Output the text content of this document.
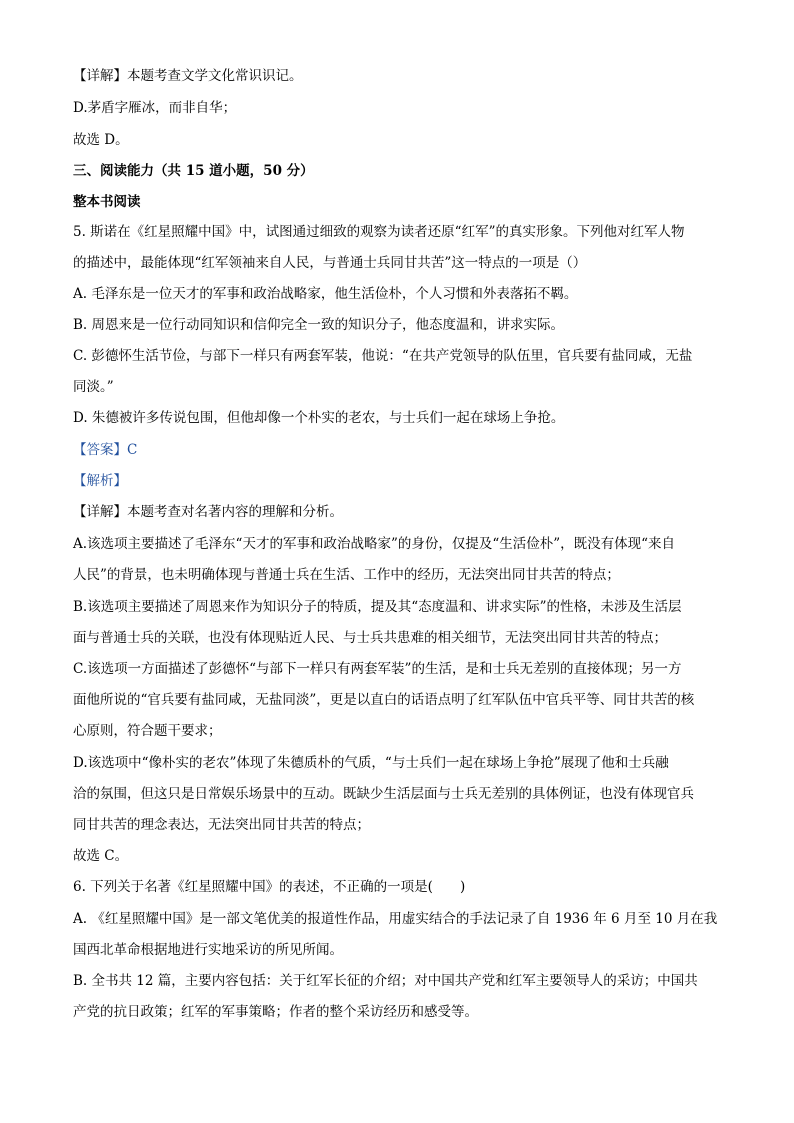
【详解】本题考查文学文化常识识记。
D.茅盾字雁冰，而非自华；
故选 D。
三、阅读能力（共 15 道小题，50 分）
整本书阅读
5. 斯诺在《红星照耀中国》中，试图通过细致的观察为读者还原“红军”的真实形象。下列他对红军人物
的描述中，最能体现“红军领袖来自人民，与普通士兵同甘共苦”这一特点的一项是（）
A. 毛泽东是一位天才的军事和政治战略家，他生活俭朴，个人习惯和外表落拓不羁。
B. 周恩来是一位行动同知识和信仰完全一致的知识分子，他态度温和，讲求实际。
C. 彭德怀生活节俭，与部下一样只有两套军装，他说：“在共产党领导的队伍里，官兵要有盐同咸，无盐
同淡。”
D. 朱德被许多传说包围，但他却像一个朴实的老农，与士兵们一起在球场上争抢。
【答案】C
【解析】
【详解】本题考查对名著内容的理解和分析。
A.该选项主要描述了毛泽东“天才的军事和政治战略家”的身份，仅提及“生活俭朴”，既没有体现“来自
人民”的背景，也未明确体现与普通士兵在生活、工作中的经历，无法突出同甘共苦的特点；
B.该选项主要描述了周恩来作为知识分子的特质，提及其“态度温和、讲求实际”的性格，未涉及生活层
面与普通士兵的关联，也没有体现贴近人民、与士兵共患难的相关细节，无法突出同甘共苦的特点；
C.该选项一方面描述了彭德怀“与部下一样只有两套军装”的生活，是和士兵无差别的直接体现；另一方
面他所说的“官兵要有盐同咸，无盐同淡”，更是以直白的话语点明了红军队伍中官兵平等、同甘共苦的核
心原则，符合题干要求；
D.该选项中“像朴实的老农”体现了朱德质朴的气质，“与士兵们一起在球场上争抢”展现了他和士兵融
洽的氛围，但这只是日常娱乐场景中的互动。既缺少生活层面与士兵无差别的具体例证，也没有体现官兵
同甘共苦的理念表达，无法突出同甘共苦的特点；
故选 C。
6. 下列关于名著《红星照耀中国》的表述，不正确的一项是(　　)
A. 《红星照耀中国》是一部文笔优美的报道性作品，用虚实结合的手法记录了自 1936 年 6 月至 10 月在我
国西北革命根据地进行实地采访的所见所闻。
B. 全书共 12 篇，主要内容包括：关于红军长征的介绍；对中国共产党和红军主要领导人的采访；中国共
产党的抗日政策；红军的军事策略；作者的整个采访经历和感受等。
